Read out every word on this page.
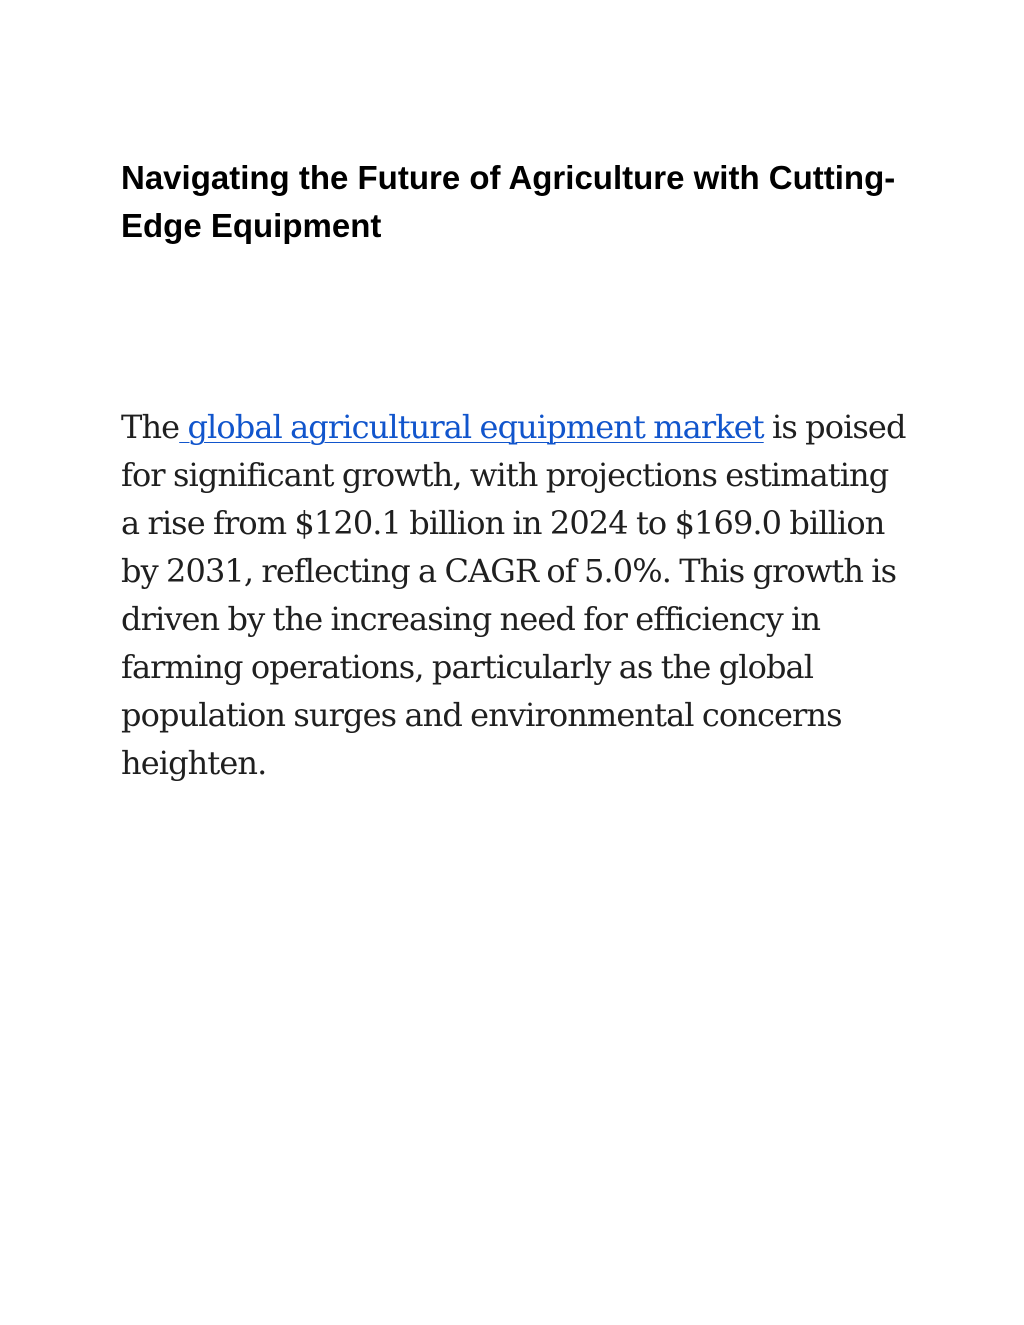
Navigating the Future of Agriculture with Cutting-Edge Equipment

The global agricultural equipment market is poised for significant growth, with projections estimating a rise from $120.1 billion in 2024 to $169.0 billion by 2031, reflecting a CAGR of 5.0%. This growth is driven by the increasing need for efficiency in farming operations, particularly as the global population surges and environmental concerns heighten.
